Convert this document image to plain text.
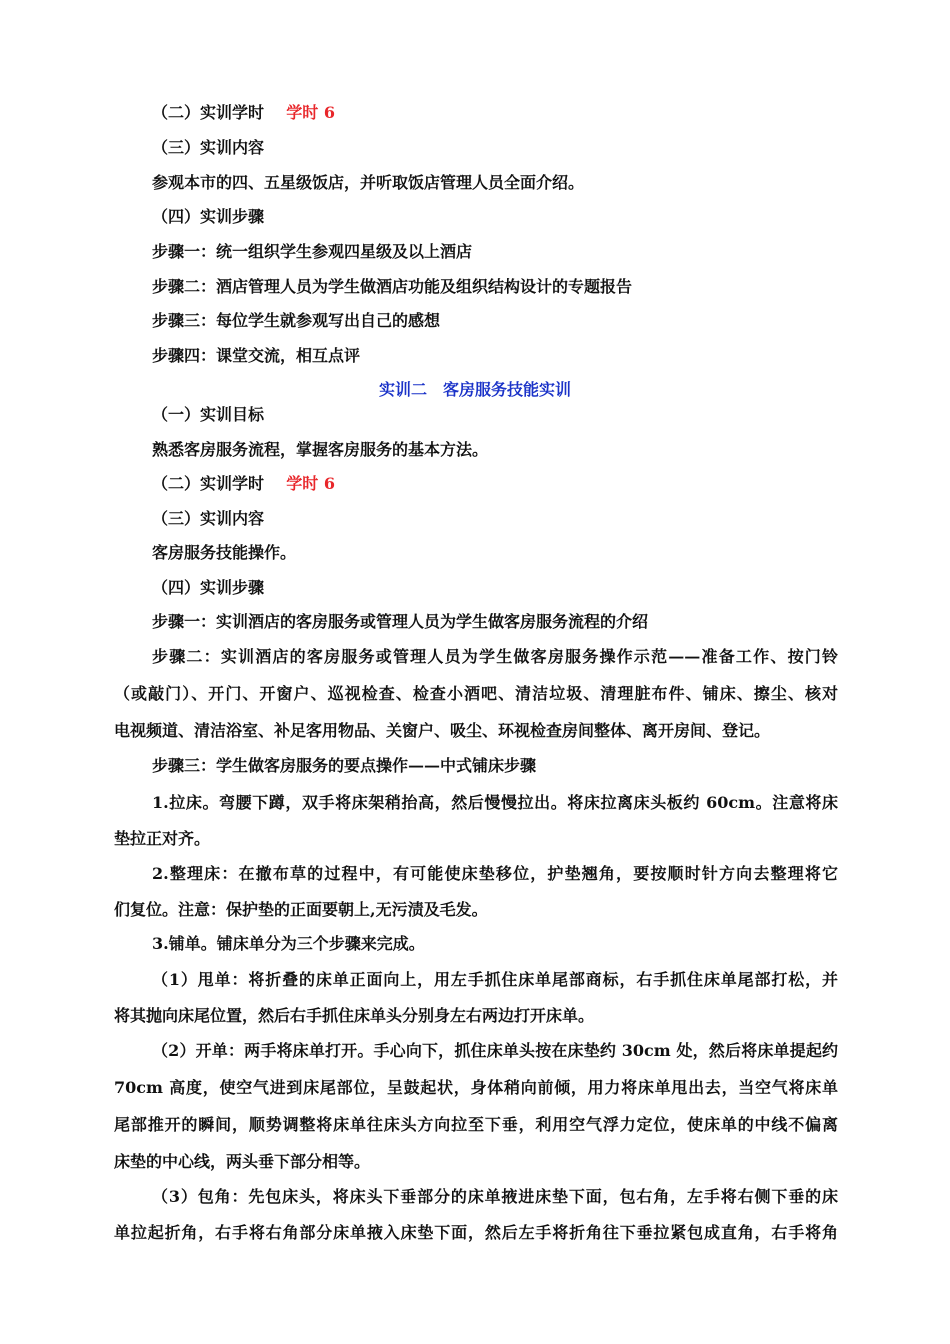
（二）实训学时 学时 6
（三）实训内容
参观本市的四、五星级饭店，并听取饭店管理人员全面介绍。
（四）实训步骤
步骤一：统一组织学生参观四星级及以上酒店
步骤二：酒店管理人员为学生做酒店功能及组织结构设计的专题报告
步骤三：每位学生就参观写出自己的感想
步骤四：课堂交流，相互点评
实训二　客房服务技能实训
（一）实训目标
熟悉客房服务流程，掌握客房服务的基本方法。
（二）实训学时 学时 6
（三）实训内容
客房服务技能操作。
（四）实训步骤
步骤一：实训酒店的客房服务或管理人员为学生做客房服务流程的介绍
步骤二：实训酒店的客房服务或管理人员为学生做客房服务操作示范——准备工作、按门铃
（或敲门）、开门、开窗户、巡视检查、检查小酒吧、清洁垃圾、清理脏布件、铺床、擦尘、核对
电视频道、清洁浴室、补足客用物品、关窗户、吸尘、环视检查房间整体、离开房间、登记。
步骤三：学生做客房服务的要点操作——中式铺床步骤
1.拉床。弯腰下蹲，双手将床架稍抬高，然后慢慢拉出。将床拉离床头板约 60cm。注意将床
垫拉正对齐。
2.整理床：在撤布草的过程中，有可能使床垫移位，护垫翘角，要按顺时针方向去整理将它
们复位。注意：保护垫的正面要朝上,无污渍及毛发。
3.铺单。铺床单分为三个步骤来完成。
（1）甩单：将折叠的床单正面向上，用左手抓住床单尾部商标，右手抓住床单尾部打松，并
将其抛向床尾位置，然后右手抓住床单头分别身左右两边打开床单。
（2）开单：两手将床单打开。手心向下，抓住床单头按在床垫约 30cm 处，然后将床单提起约
70cm 高度，使空气进到床尾部位，呈鼓起状，身体稍向前倾，用力将床单甩出去，当空气将床单
尾部推开的瞬间，顺势调整将床单往床头方向拉至下垂，利用空气浮力定位，使床单的中线不偏离
床垫的中心线，两头垂下部分相等。
（3）包角：先包床头，将床头下垂部分的床单掖进床垫下面，包右角，左手将右侧下垂的床
单拉起折角，右手将右角部分床单掖入床垫下面，然后左手将折角往下垂拉紧包成直角，右手将角
